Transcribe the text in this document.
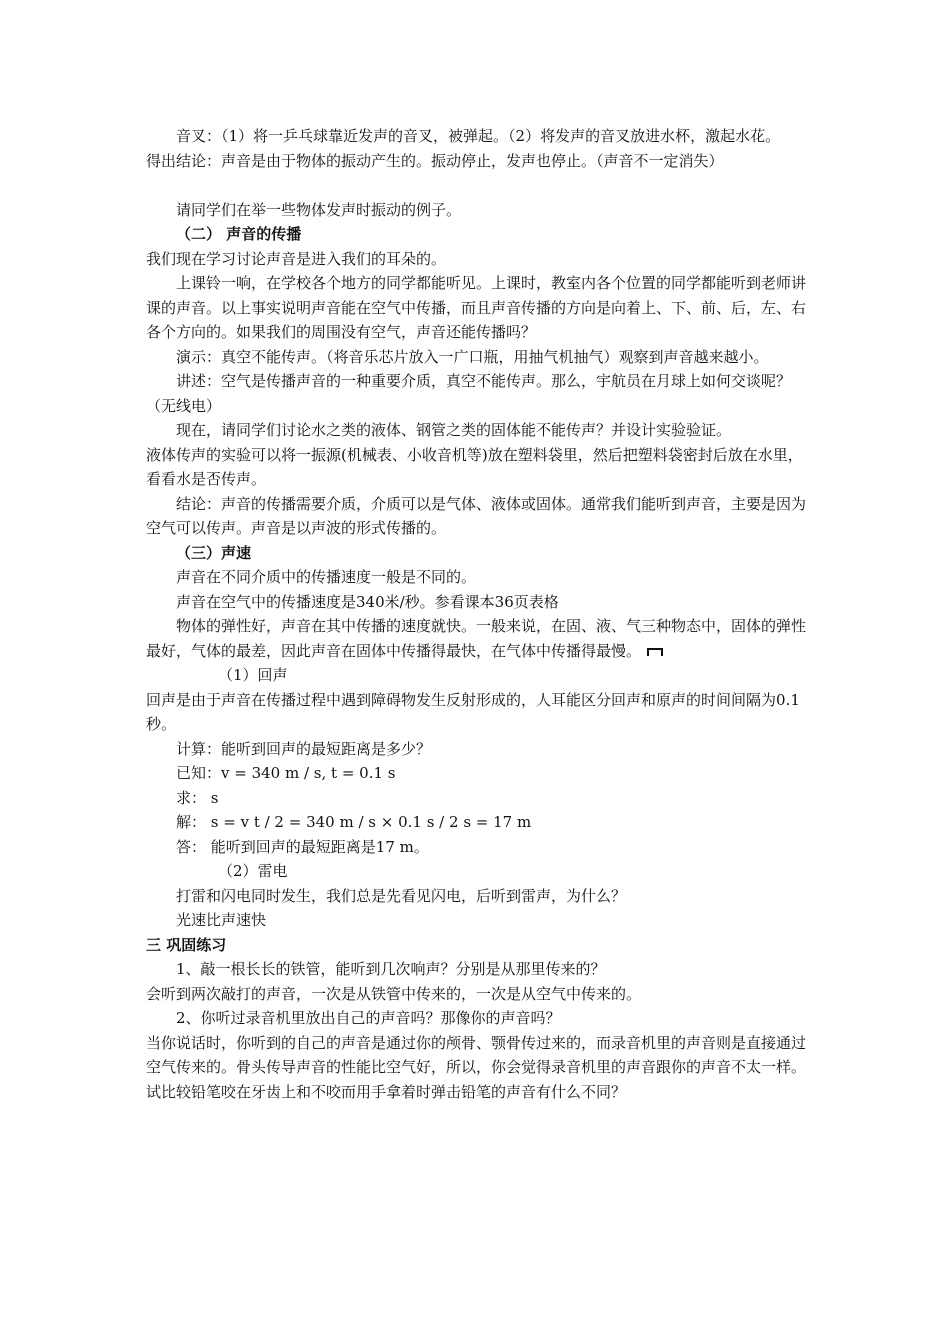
音叉：（1）将一乒乓球靠近发声的音叉，被弹起。（2）将发声的音叉放进水杯，激起水花。

得出结论：声音是由于物体的振动产生的。振动停止，发声也停止。（声音不一定消失）

请同学们在举一些物体发声时振动的例子。

（二） 声音的传播

我们现在学习讨论声音是进入我们的耳朵的。

上课铃一响，在学校各个地方的同学都能听见。上课时，教室内各个位置的同学都能听到老师讲课的声音。以上事实说明声音能在空气中传播，而且声音传播的方向是向着上、下、前、后，左、右各个方向的。如果我们的周围没有空气，声音还能传播吗？

演示：真空不能传声。（将音乐芯片放入一广口瓶，用抽气机抽气）观察到声音越来越小。

讲述：空气是传播声音的一种重要介质，真空不能传声。那么，宇航员在月球上如何交谈呢？（无线电）

现在，请同学们讨论水之类的液体、钢管之类的固体能不能传声？并设计实验验证。

液体传声的实验可以将一振源(机械表、小收音机等)放在塑料袋里，然后把塑料袋密封后放在水里，看看水是否传声。

结论：声音的传播需要介质，介质可以是气体、液体或固体。通常我们能听到声音，主要是因为空气可以传声。声音是以声波的形式传播的。

（三）声速

声音在不同介质中的传播速度一般是不同的。

声音在空气中的传播速度是340米/秒。参看课本36页表格

物体的弹性好，声音在其中传播的速度就快。一般来说，在固、液、气三种物态中，固体的弹性最好，气体的最差，因此声音在固体中传播得最快，在气体中传播得最慢。

（1）回声

回声是由于声音在传播过程中遇到障碍物发生反射形成的，人耳能区分回声和原声的时间间隔为0.1秒。

计算：能听到回声的最短距离是多少？

已知：v = 340 m / s, t = 0.1 s

求： s

解： s = v t / 2 = 340 m / s × 0.1 s / 2 s = 17 m

答： 能听到回声的最短距离是17 m。

（2）雷电

打雷和闪电同时发生，我们总是先看见闪电，后听到雷声，为什么？

光速比声速快

三 巩固练习

1、敲一根长长的铁管，能听到几次响声？分别是从那里传来的？

会听到两次敲打的声音，一次是从铁管中传来的，一次是从空气中传来的。

2、你听过录音机里放出自己的声音吗？那像你的声音吗？

当你说话时，你听到的自己的声音是通过你的颅骨、颚骨传过来的，而录音机里的声音则是直接通过空气传来的。骨头传导声音的性能比空气好，所以，你会觉得录音机里的声音跟你的声音不太一样。试比较铅笔咬在牙齿上和不咬而用手拿着时弹击铅笔的声音有什么不同？
